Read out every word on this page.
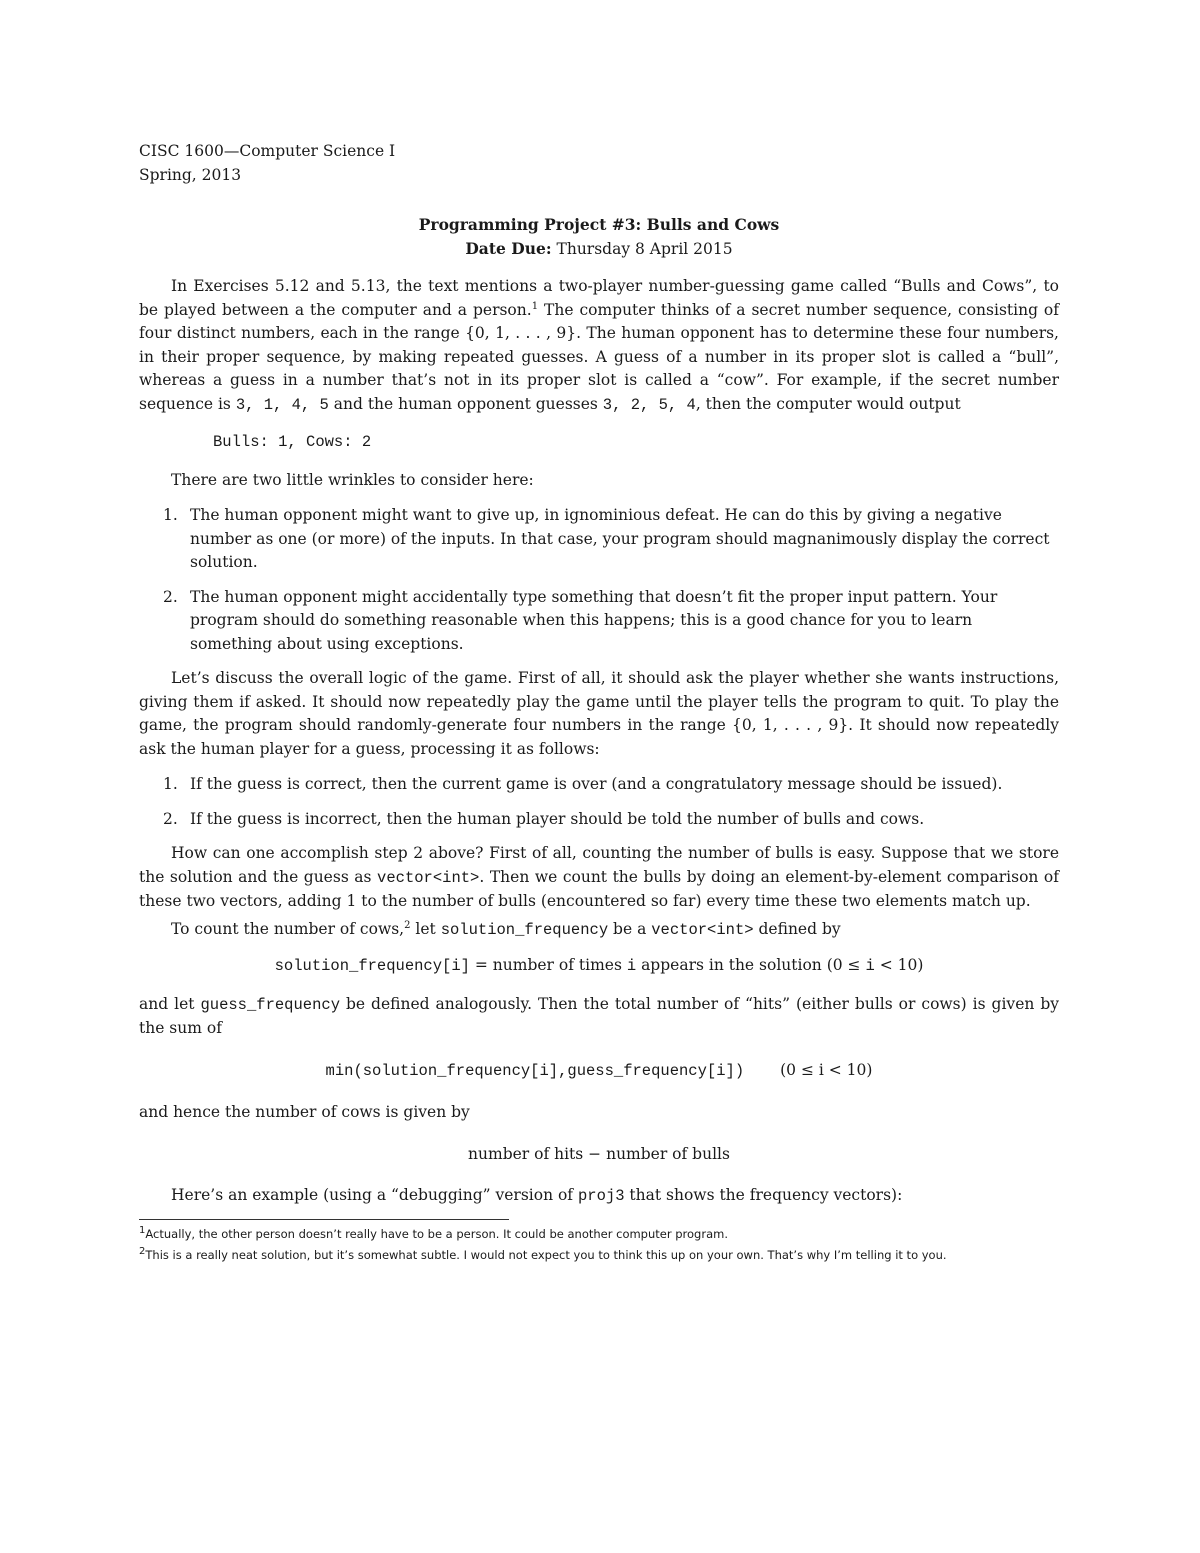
CISC 1600—Computer Science I

Spring, 2013

Programming Project #3: Bulls and Cows

Date Due: Thursday 8 April 2015

In Exercises 5.12 and 5.13, the text mentions a two-player number-guessing game called “Bulls and Cows”, to be played between a the computer and a person.$^1$ The computer thinks of a secret number sequence, consisting of four distinct numbers, each in the range {0, 1, . . . , 9}. The human opponent has to determine these four numbers, in their proper sequence, by making repeated guesses. A guess of a number in its proper slot is called a “bull”, whereas a guess in a number that’s not in its proper slot is called a “cow”. For example, if the secret number sequence is 3, 1, 4, 5 and the human opponent guesses 3, 2, 5, 4, then the computer would output

Bulls: 1, Cows: 2

There are two little wrinkles to consider here:

1. The human opponent might want to give up, in ignominious defeat. He can do this by giving a negative number as one (or more) of the inputs. In that case, your program should magnanimously display the correct solution.
2. The human opponent might accidentally type something that doesn’t fit the proper input pattern. Your program should do something reasonable when this happens; this is a good chance for you to learn something about using exceptions.

Let’s discuss the overall logic of the game. First of all, it should ask the player whether she wants instructions, giving them if asked. It should now repeatedly play the game until the player tells the program to quit. To play the game, the program should randomly-generate four numbers in the range {0, 1, . . . , 9}. It should now repeatedly ask the human player for a guess, processing it as follows:

1. If the guess is correct, then the current game is over (and a congratulatory message should be issued).
2. If the guess is incorrect, then the human player should be told the number of bulls and cows.

How can one accomplish step 2 above? First of all, counting the number of bulls is easy. Suppose that we store the solution and the guess as vector<int>. Then we count the bulls by doing an element-by-element comparison of these two vectors, adding 1 to the number of bulls (encountered so far) every time these two elements match up.

To count the number of cows,$^2$ let solution_frequency be a vector<int> defined by

solution_frequency[i] = number of times i appears in the solution (0 ≤ i < 10)

and let guess_frequency be defined analogously. Then the total number of “hits” (either bulls or cows) is given by the sum of

min(solution_frequency[i],guess_frequency[i]) (0 ≤ i < 10)

and hence the number of cows is given by

number of hits − number of bulls

Here’s an example (using a “debugging” version of proj3 that shows the frequency vectors):

$^1$Actually, the other person doesn’t really have to be a person. It could be another computer program.

$^2$This is a really neat solution, but it’s somewhat subtle. I would not expect you to think this up on your own. That’s why I’m telling it to you.
